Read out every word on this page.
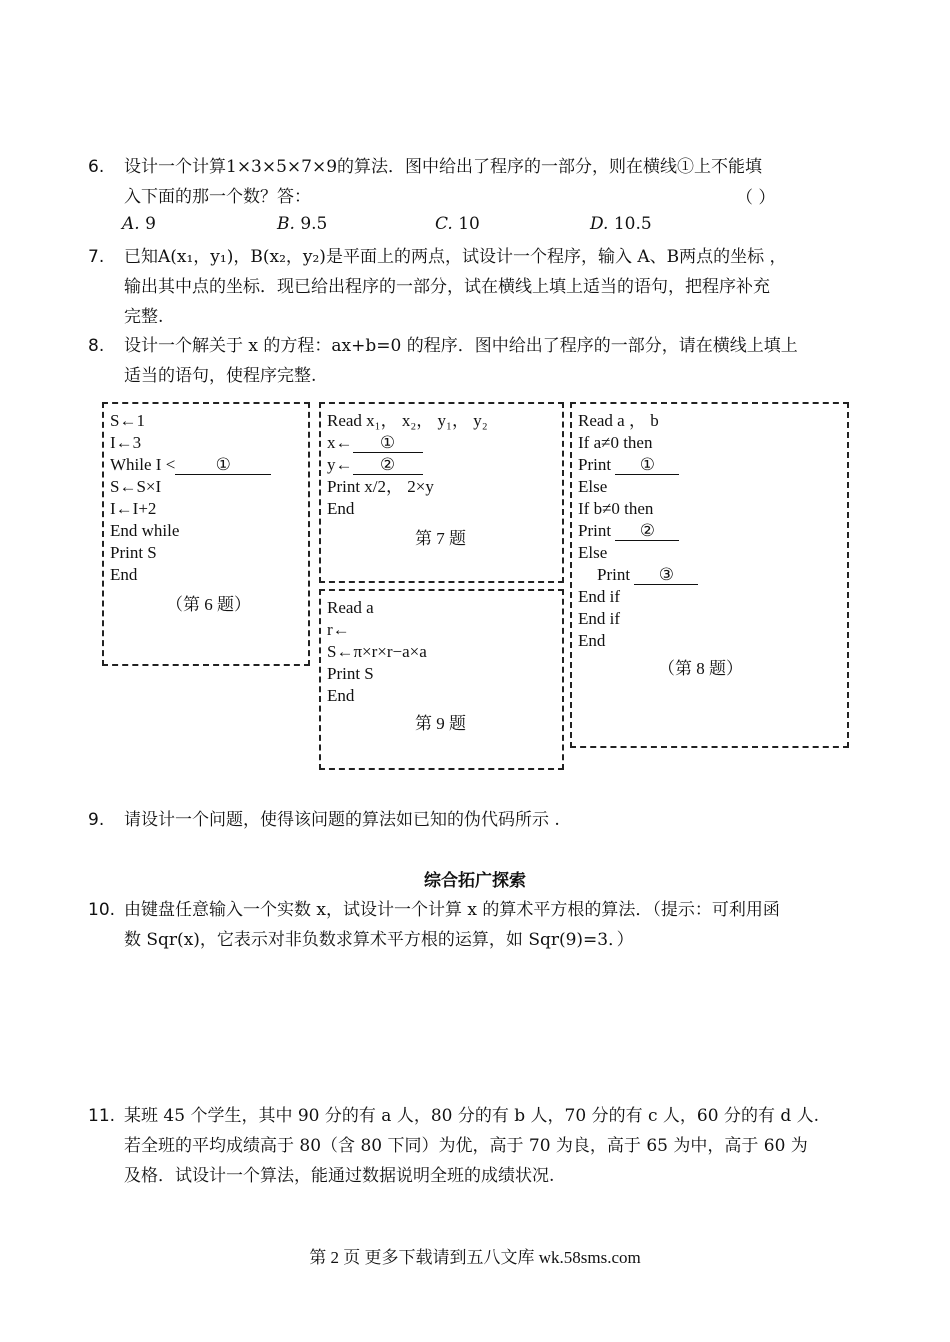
6. 设计一个计算1×3×5×7×9的算法．图中给出了程序的一部分，则在横线①上不能填
入下面的那一个数？答：	（ ）
A. 9	B. 9.5	C. 10	D. 10.5
7. 已知A(x₁，y₁)，B(x₂，y₂)是平面上的两点，试设计一个程序，输入 A、B两点的坐标 ，
输出其中点的坐标．现已给出程序的一部分，试在横线上填上适当的语句，把程序补充
完整.
8. 设计一个解关于 x 的方程：ax+b=0 的程序．图中给出了程序的一部分，请在横线上填上
适当的语句，使程序完整.
S←1
I←3
While I < ①
S←S×I
I←I+2
End while
Print S
End
（第 6 题）
Read x₁， x₂， y₁， y₂
x← ①
y← ②
Print x/2， 2×y
End
第 7 题
Read a
r←
S←π×r×r−a×a
Print S
End
第 9 题
Read a ， b
If a≠0 then
Print ①
Else
If b≠0 then
Print ②
Else
Print ③
End if
End if
End
（第 8 题）
9. 请设计一个问题，使得该问题的算法如已知的伪代码所示 .
综合拓广探索
10. 由键盘任意输入一个实数 x，试设计一个计算 x 的算术平方根的算法．（提示：可利用函
数 Sqr(x)，它表示对非负数求算术平方根的运算，如 Sqr(9)=3．）
11. 某班 45 个学生，其中 90 分的有 a 人，80 分的有 b 人，70 分的有 c 人，60 分的有 d 人.
若全班的平均成绩高于 80（含 80 下同）为优，高于 70 为良，高于 65 为中，高于 60 为
及格．试设计一个算法，能通过数据说明全班的成绩状况.
第 2 页 更多下载请到五八文库 wk.58sms.com
